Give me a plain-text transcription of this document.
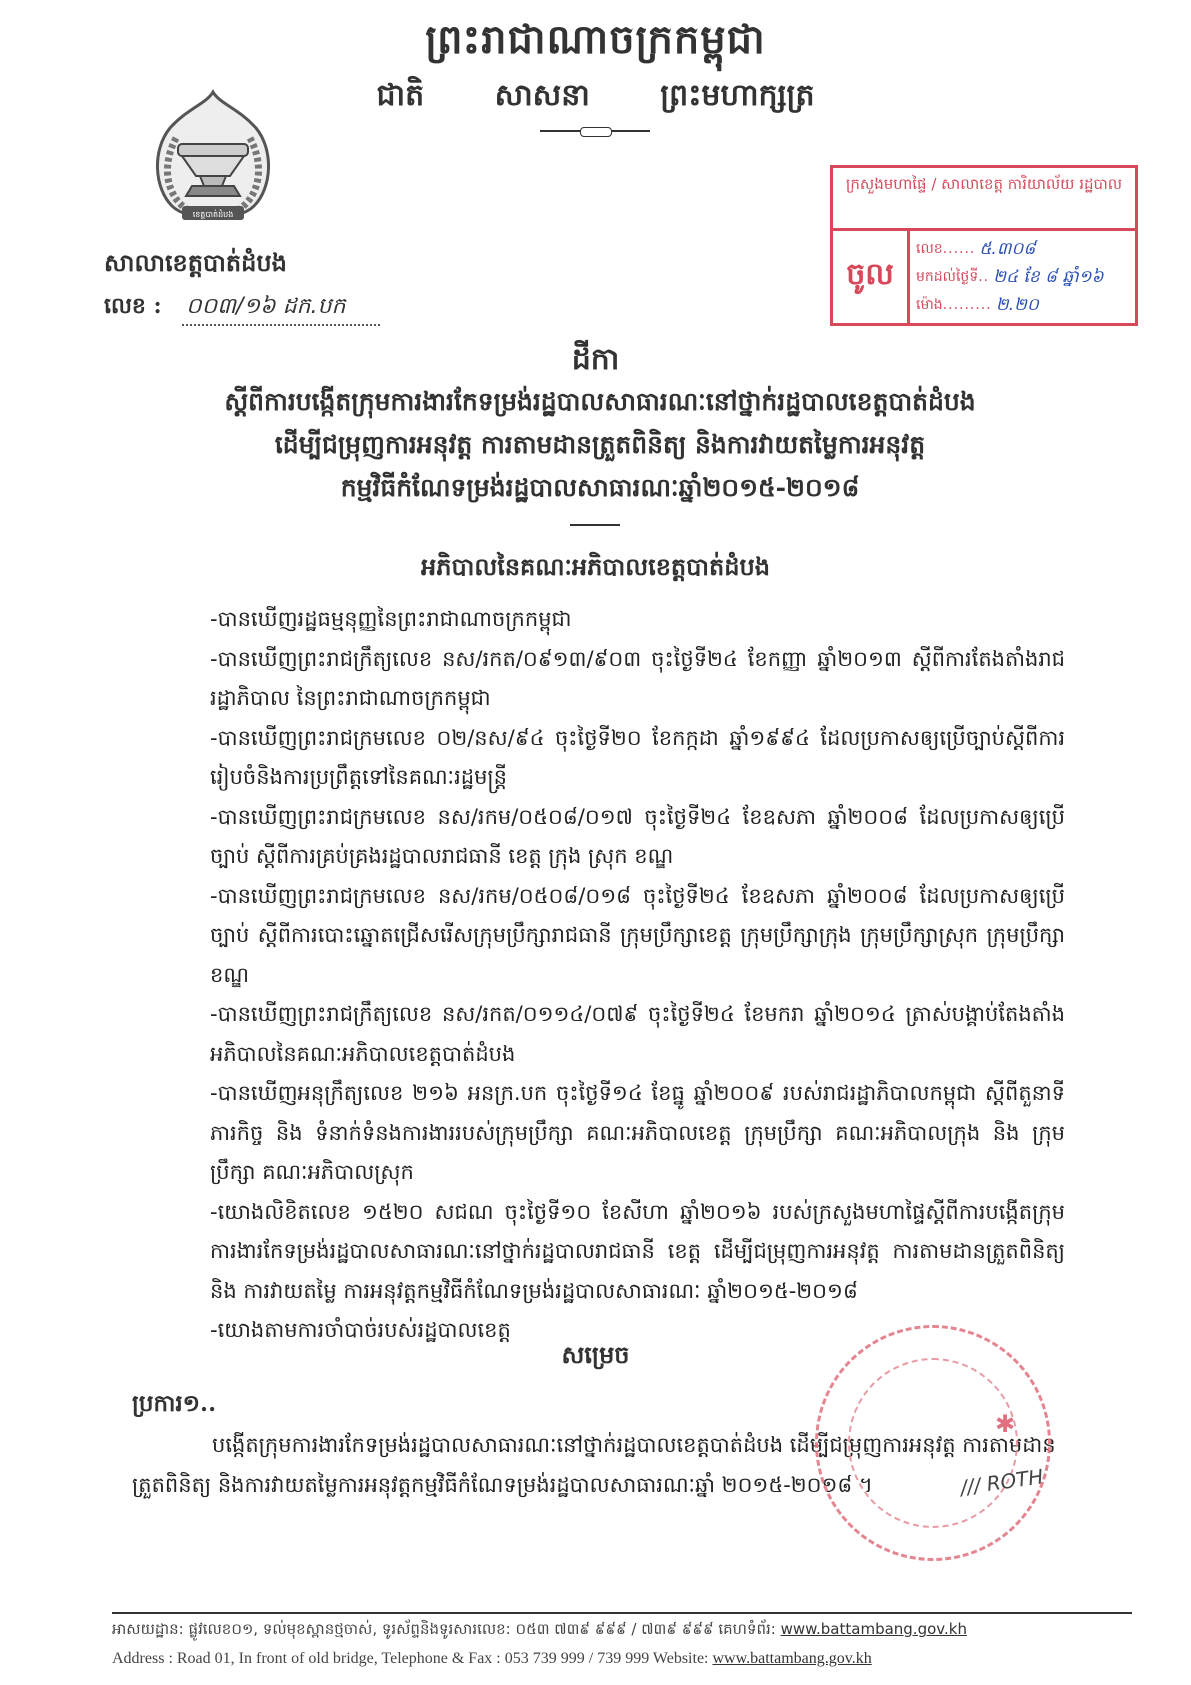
ព្រះរាជាណាចក្រកម្ពុជា
ជាតិ សាសនា ព្រះមហាក្សត្រ
ខេត្តបាត់ដំបង
សាលាខេត្តបាត់ដំបង
លេខ : ០០៣/១៦ ដក.បក
ក្រសួងមហាផ្ទៃ / សាលាខេត្ត ការិយាល័យ រដ្ឋបាល
ចូល
លេខ ...... ៥.៣០៨
មកដល់ថ្ងៃទី .. ២៤ ខែ ៨ ឆ្នាំ១៦
ម៉ោង ......... ២.២០
ដីកា
ស្ដីពីការបង្កើតក្រុមការងារកែទម្រង់រដ្ឋបាលសាធារណៈនៅថ្នាក់រដ្ឋបាលខេត្តបាត់ដំបង
ដើម្បីជម្រុញការអនុវត្ត ការតាមដានត្រួតពិនិត្យ និងការវាយតម្លៃការអនុវត្ត
កម្មវិធីកំណែទម្រង់រដ្ឋបាលសាធារណៈឆ្នាំ២០១៥-២០១៨
អភិបាលនៃគណៈអភិបាលខេត្តបាត់ដំបង

-បានឃើញរដ្ឋធម្មនុញ្ញនៃព្រះរាជាណាចក្រកម្ពុជា

-បានឃើញព្រះរាជក្រឹត្យលេខ នស/រកត/០៩១៣/៩០៣ ចុះថ្ងៃទី២៤ ខែកញ្ញា ឆ្នាំ២០១៣ ស្ដីពីការតែងតាំងរាជរដ្ឋាភិបាល នៃព្រះរាជាណាចក្រកម្ពុជា

-បានឃើញព្រះរាជក្រមលេខ ០២/នស/៩៤ ចុះថ្ងៃទី២០ ខែកក្កដា ឆ្នាំ១៩៩៤ ដែលប្រកាសឲ្យប្រើច្បាប់ស្ដីពីការរៀបចំនិងការប្រព្រឹត្តទៅនៃគណៈរដ្ឋមន្ត្រី

-បានឃើញព្រះរាជក្រមលេខ នស/រកម/០៥០៨/០១៧ ចុះថ្ងៃទី២៤ ខែឧសភា ឆ្នាំ២០០៨ ដែលប្រកាសឲ្យប្រើច្បាប់ ស្ដីពីការគ្រប់គ្រងរដ្ឋបាលរាជធានី ខេត្ត ក្រុង ស្រុក ខណ្ឌ

-បានឃើញព្រះរាជក្រមលេខ នស/រកម/០៥០៨/០១៨ ចុះថ្ងៃទី២៤ ខែឧសភា ឆ្នាំ២០០៨ ដែលប្រកាសឲ្យប្រើច្បាប់ ស្ដីពីការបោះឆ្នោតជ្រើសរើសក្រុមប្រឹក្សារាជធានី ក្រុមប្រឹក្សាខេត្ត ក្រុមប្រឹក្សាក្រុង ក្រុមប្រឹក្សាស្រុក ក្រុមប្រឹក្សាខណ្ឌ

-បានឃើញព្រះរាជក្រឹត្យលេខ នស/រកត/០១១៤/០៧៩ ចុះថ្ងៃទី២៤ ខែមករា ឆ្នាំ២០១៤ ត្រាស់បង្គាប់តែងតាំងអភិបាលនៃគណៈអភិបាលខេត្តបាត់ដំបង

-បានឃើញអនុក្រឹត្យលេខ ២១៦ អនក្រ.បក ចុះថ្ងៃទី១៤ ខែធ្នូ ឆ្នាំ២០០៩ របស់រាជរដ្ឋាភិបាលកម្ពុជា ស្ដីពីតួនាទីភារកិច្ច និង ទំនាក់ទំនងការងាររបស់ក្រុមប្រឹក្សា គណៈអភិបាលខេត្ត ក្រុមប្រឹក្សា គណៈអភិបាលក្រុង និង ក្រុមប្រឹក្សា គណៈអភិបាលស្រុក

-យោងលិខិតលេខ ១៥២០ សជណ ចុះថ្ងៃទី១០ ខែសីហា ឆ្នាំ២០១៦ របស់ក្រសួងមហាផ្ទៃស្ដីពីការបង្កើតក្រុមការងារកែទម្រង់រដ្ឋបាលសាធារណៈនៅថ្នាក់រដ្ឋបាលរាជធានី ខេត្ត ដើម្បីជម្រុញការអនុវត្ត ការតាមដានត្រួតពិនិត្យ និង ការវាយតម្លៃ ការអនុវត្តកម្មវិធីកំណែទម្រង់រដ្ឋបាលសាធារណៈ ឆ្នាំ២០១៥-២០១៨

-យោងតាមការចាំបាច់របស់រដ្ឋបាលខេត្ត

សម្រេច
ប្រការ១..

បង្កើតក្រុមការងារកែទម្រង់រដ្ឋបាលសាធារណៈនៅថ្នាក់រដ្ឋបាលខេត្តបាត់ដំបង ដើម្បីជម្រុញការអនុវត្ត ការតាមដានត្រួតពិនិត្យ និងការវាយតម្លៃការអនុវត្តកម្មវិធីកំណែទម្រង់រដ្ឋបាលសាធារណៈឆ្នាំ ២០១៥-២០១៨ ។

✱
/// ROTH
អាសយដ្ឋាន: ផ្លូវលេខ០១, ទល់មុខស្ពានថ្មចាស់, ទូរស័ព្ទនិងទូរសារលេខ: ០៥៣ ៧៣៩ ៩៩៩ / ៧៣៩ ៩៩៩ គេហទំព័រ: www.battambang.gov.kh
Address : Road 01, In front of old bridge, Telephone & Fax : 053 739 999 / 739 999 Website: www.battambang.gov.kh
